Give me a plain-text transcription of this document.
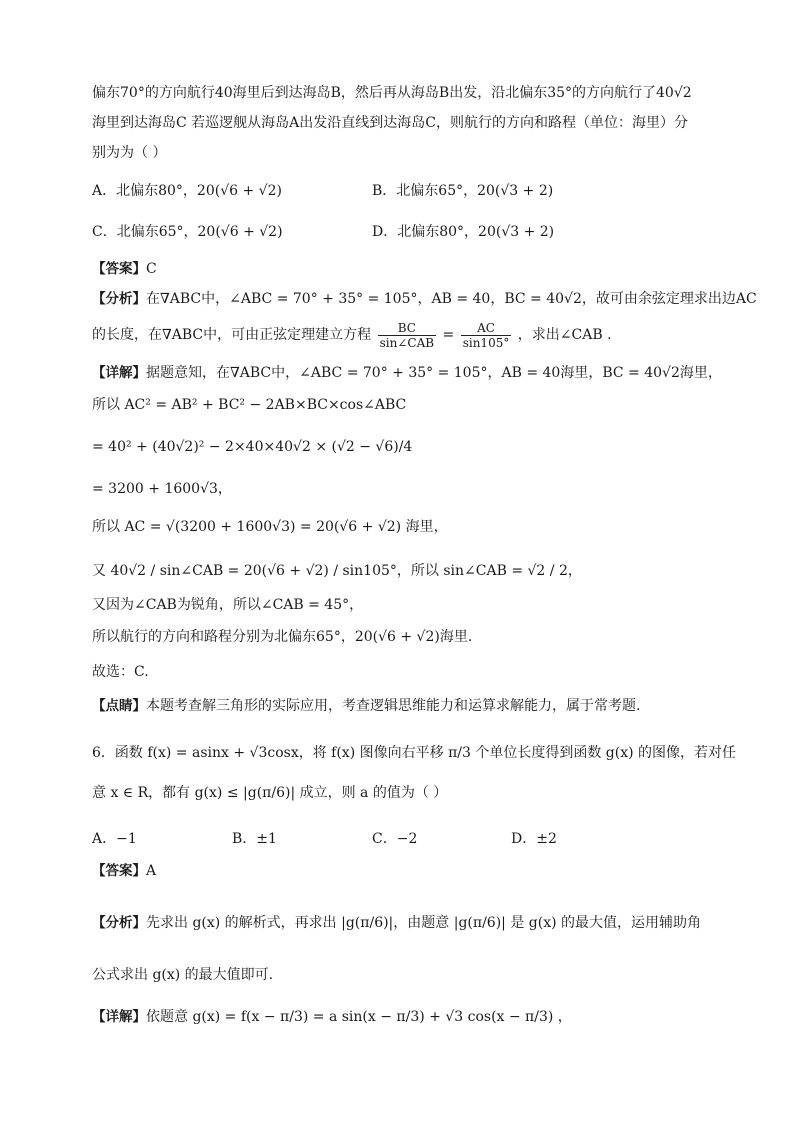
偏东70°的方向航行40海里后到达海岛B，然后再从海岛B出发，沿北偏东35°的方向航行了40√2
海里到达海岛C 若巡逻舰从海岛A出发沿直线到达海岛C，则航行的方向和路程（单位：海里）分
别为为（ ）
A．北偏东80°，20(√6 + √2)	B．北偏东65°，20(√3 + 2)
C．北偏东65°，20(√6 + √2)	D．北偏东80°，20(√3 + 2)
【答案】C
【分析】在∇ABC中，∠ABC = 70° + 35° = 105°，AB = 40，BC = 40√2，故可由余弦定理求出边AC
的长度，在∇ABC中，可由正弦定理建立方程 $\frac{BC}{\text{sin∠CAB}} = \frac{AC}{\sin 105^\circ}$ ，求出∠CAB .
【详解】据题意知，在∇ABC中，∠ABC = 70° + 35° = 105°，AB = 40海里，BC = 40√2海里，
所以 AC² = AB² + BC² − 2AB×BC×cos∠ABC
= 40² + (40√2)² − 2×40×40√2 × (√2 − √6)/4
= 3200 + 1600√3，
所以 AC = √(3200 + 1600√3) = 20(√6 + √2) 海里，
又 40√2 / sin∠CAB = 20(√6 + √2) / sin105°，所以 sin∠CAB = √2 / 2，
又因为∠CAB为锐角，所以∠CAB = 45°，
所以航行的方向和路程分别为北偏东65°，20(√6 + √2)海里.
故选：C.
【点睛】本题考查解三角形的实际应用，考查逻辑思维能力和运算求解能力，属于常考题.
6．函数 f(x) = asinx + √3cosx，将 f(x) 图像向右平移 π/3 个单位长度得到函数 g(x) 的图像，若对任
意 x ∈ R，都有 g(x) ≤ |g(π/6)| 成立，则 a 的值为（ ）
A．−1	B．±1	C．−2	D．±2
【答案】A
【分析】先求出 g(x) 的解析式，再求出 |g(π/6)|，由题意 |g(π/6)| 是 g(x) 的最大值，运用辅助角
公式求出 g(x) 的最大值即可.
【详解】依题意 g(x) = f(x − π/3) = a sin(x − π/3) + √3 cos(x − π/3) ，
